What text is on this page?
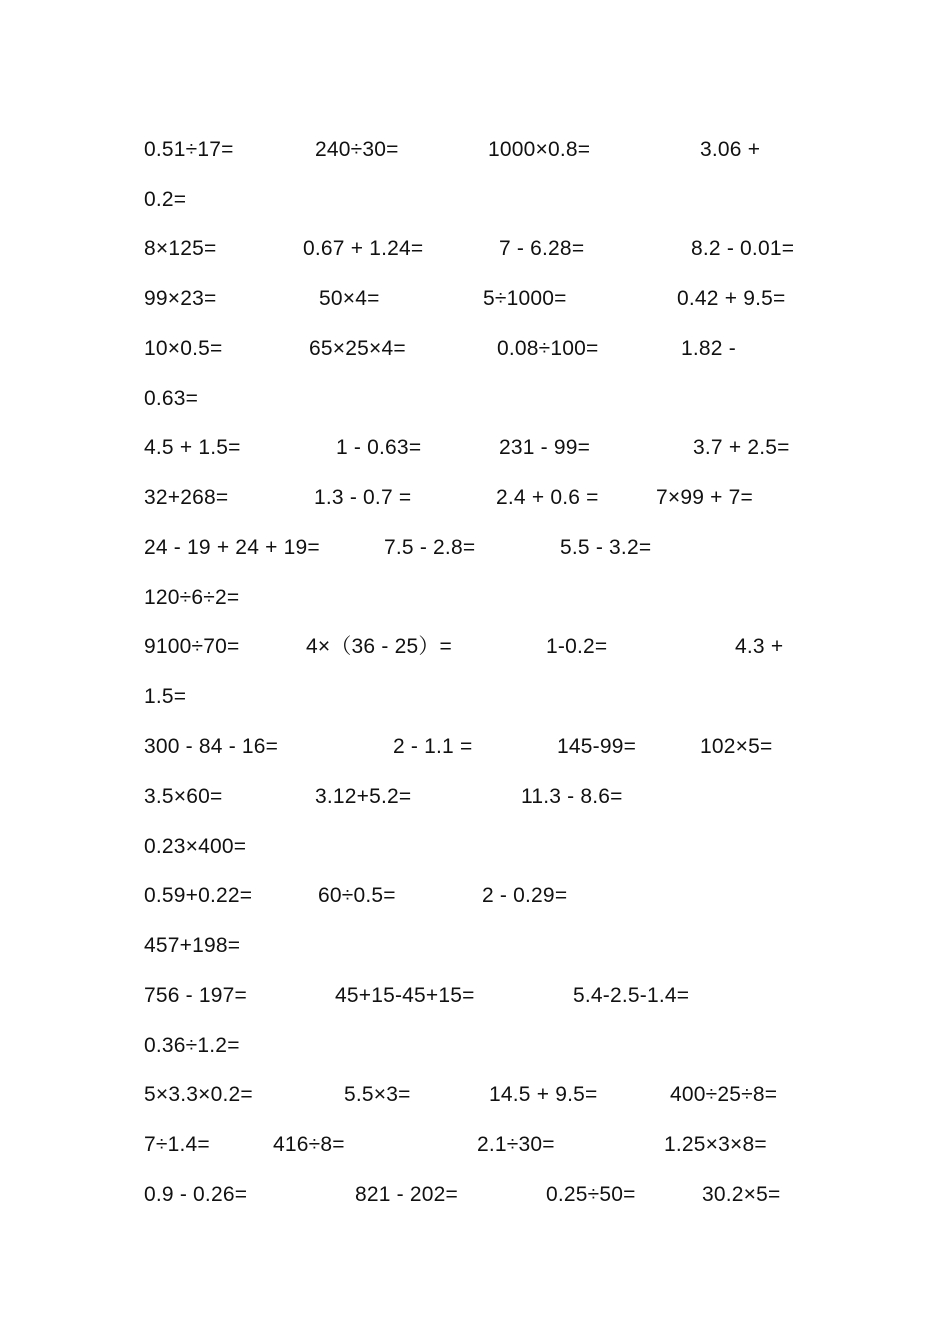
0.51÷17=	240÷30=	1000×0.8=	3.06 +
0.2=
8×125=	0.67 + 1.24=	7 - 6.28=	8.2 - 0.01=
99×23=	50×4=	5÷1000=	0.42 + 9.5=
10×0.5=	65×25×4=	0.08÷100=	1.82 -
0.63=
4.5 + 1.5=	1 - 0.63=	231 - 99=	3.7 + 2.5=
32+268=	1.3 - 0.7 =	2.4 + 0.6 =	7×99 + 7=
24 - 19 + 24 + 19=	7.5 - 2.8=	5.5 - 3.2=
120÷6÷2=
9100÷70=	4×（36 - 25）=	1-0.2=	4.3 +
1.5=
300 - 84 - 16=	2 - 1.1 =	145-99=	102×5=
3.5×60=	3.12+5.2=	11.3 - 8.6=
0.23×400=
0.59+0.22=	60÷0.5=	2 - 0.29=
457+198=
756 - 197=	45+15-45+15=	5.4-2.5-1.4=
0.36÷1.2=
5×3.3×0.2=	5.5×3=	14.5 + 9.5=	400÷25÷8=
7÷1.4=	416÷8=	2.1÷30=	1.25×3×8=
0.9 - 0.26=	821 - 202=	0.25÷50=	30.2×5=
